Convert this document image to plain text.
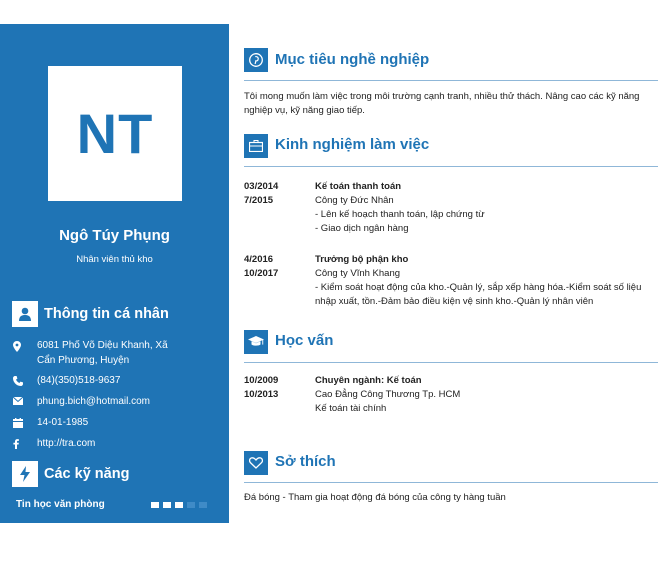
NT
Ngô Túy Phụng
Nhân viên thủ kho
Thông tin cá nhân
6081 Phố Võ Diệu Khanh, Xã Cẩn Phương, Huyện
(84)(350)518-9637
phung.bich@hotmail.com
14-01-1985
http://tra.com
Các kỹ năng
Tin học văn phòng
Mục tiêu nghề nghiệp
Tôi mong muốn làm việc trong môi trường cạnh tranh, nhiều thử thách. Nâng cao các kỹ năng nghiệp vụ, kỹ năng giao tiếp.
Kinh nghiệm làm việc
03/2014
7/2015
Kế toán thanh toán
Công ty Đức Nhân
- Lên kế hoạch thanh toán, lập chứng từ
- Giao dịch ngân hàng
4/2016
10/2017
Trưởng bộ phận kho
Công ty Vĩnh Khang
- Kiểm soát hoạt động của kho.-Quản lý, sắp xếp hàng hóa.-Kiểm soát số liệu nhập xuất, tồn.-Đảm bảo điều kiện vệ sinh kho.-Quản lý nhân viên
Học vấn
10/2009
10/2013
Chuyên ngành: Kế toán
Cao Đẳng Công Thương Tp. HCM
Kế toán tài chính
Sở thích
Đá bóng - Tham gia hoạt động đá bóng của công ty hàng tuần
